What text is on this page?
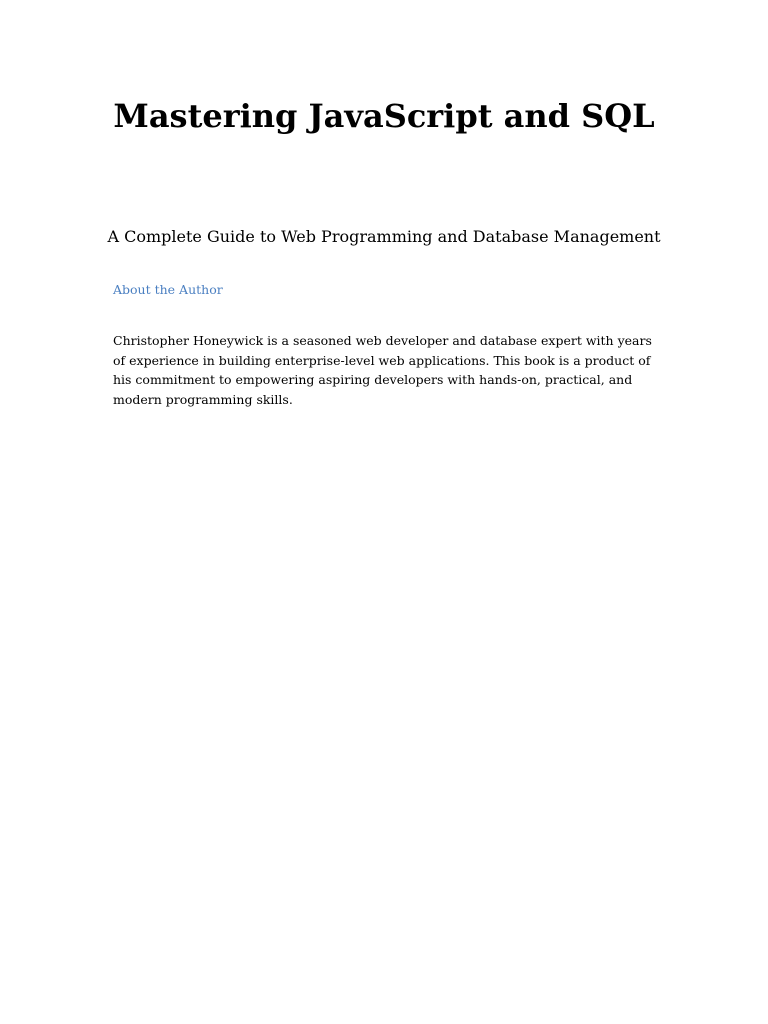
Mastering JavaScript and SQL
A Complete Guide to Web Programming and Database Management
About the Author

Christopher Honeywick is a seasoned web developer and database expert with years of experience in building enterprise-level web applications. This book is a product of his commitment to empowering aspiring developers with hands-on, practical, and modern programming skills.
